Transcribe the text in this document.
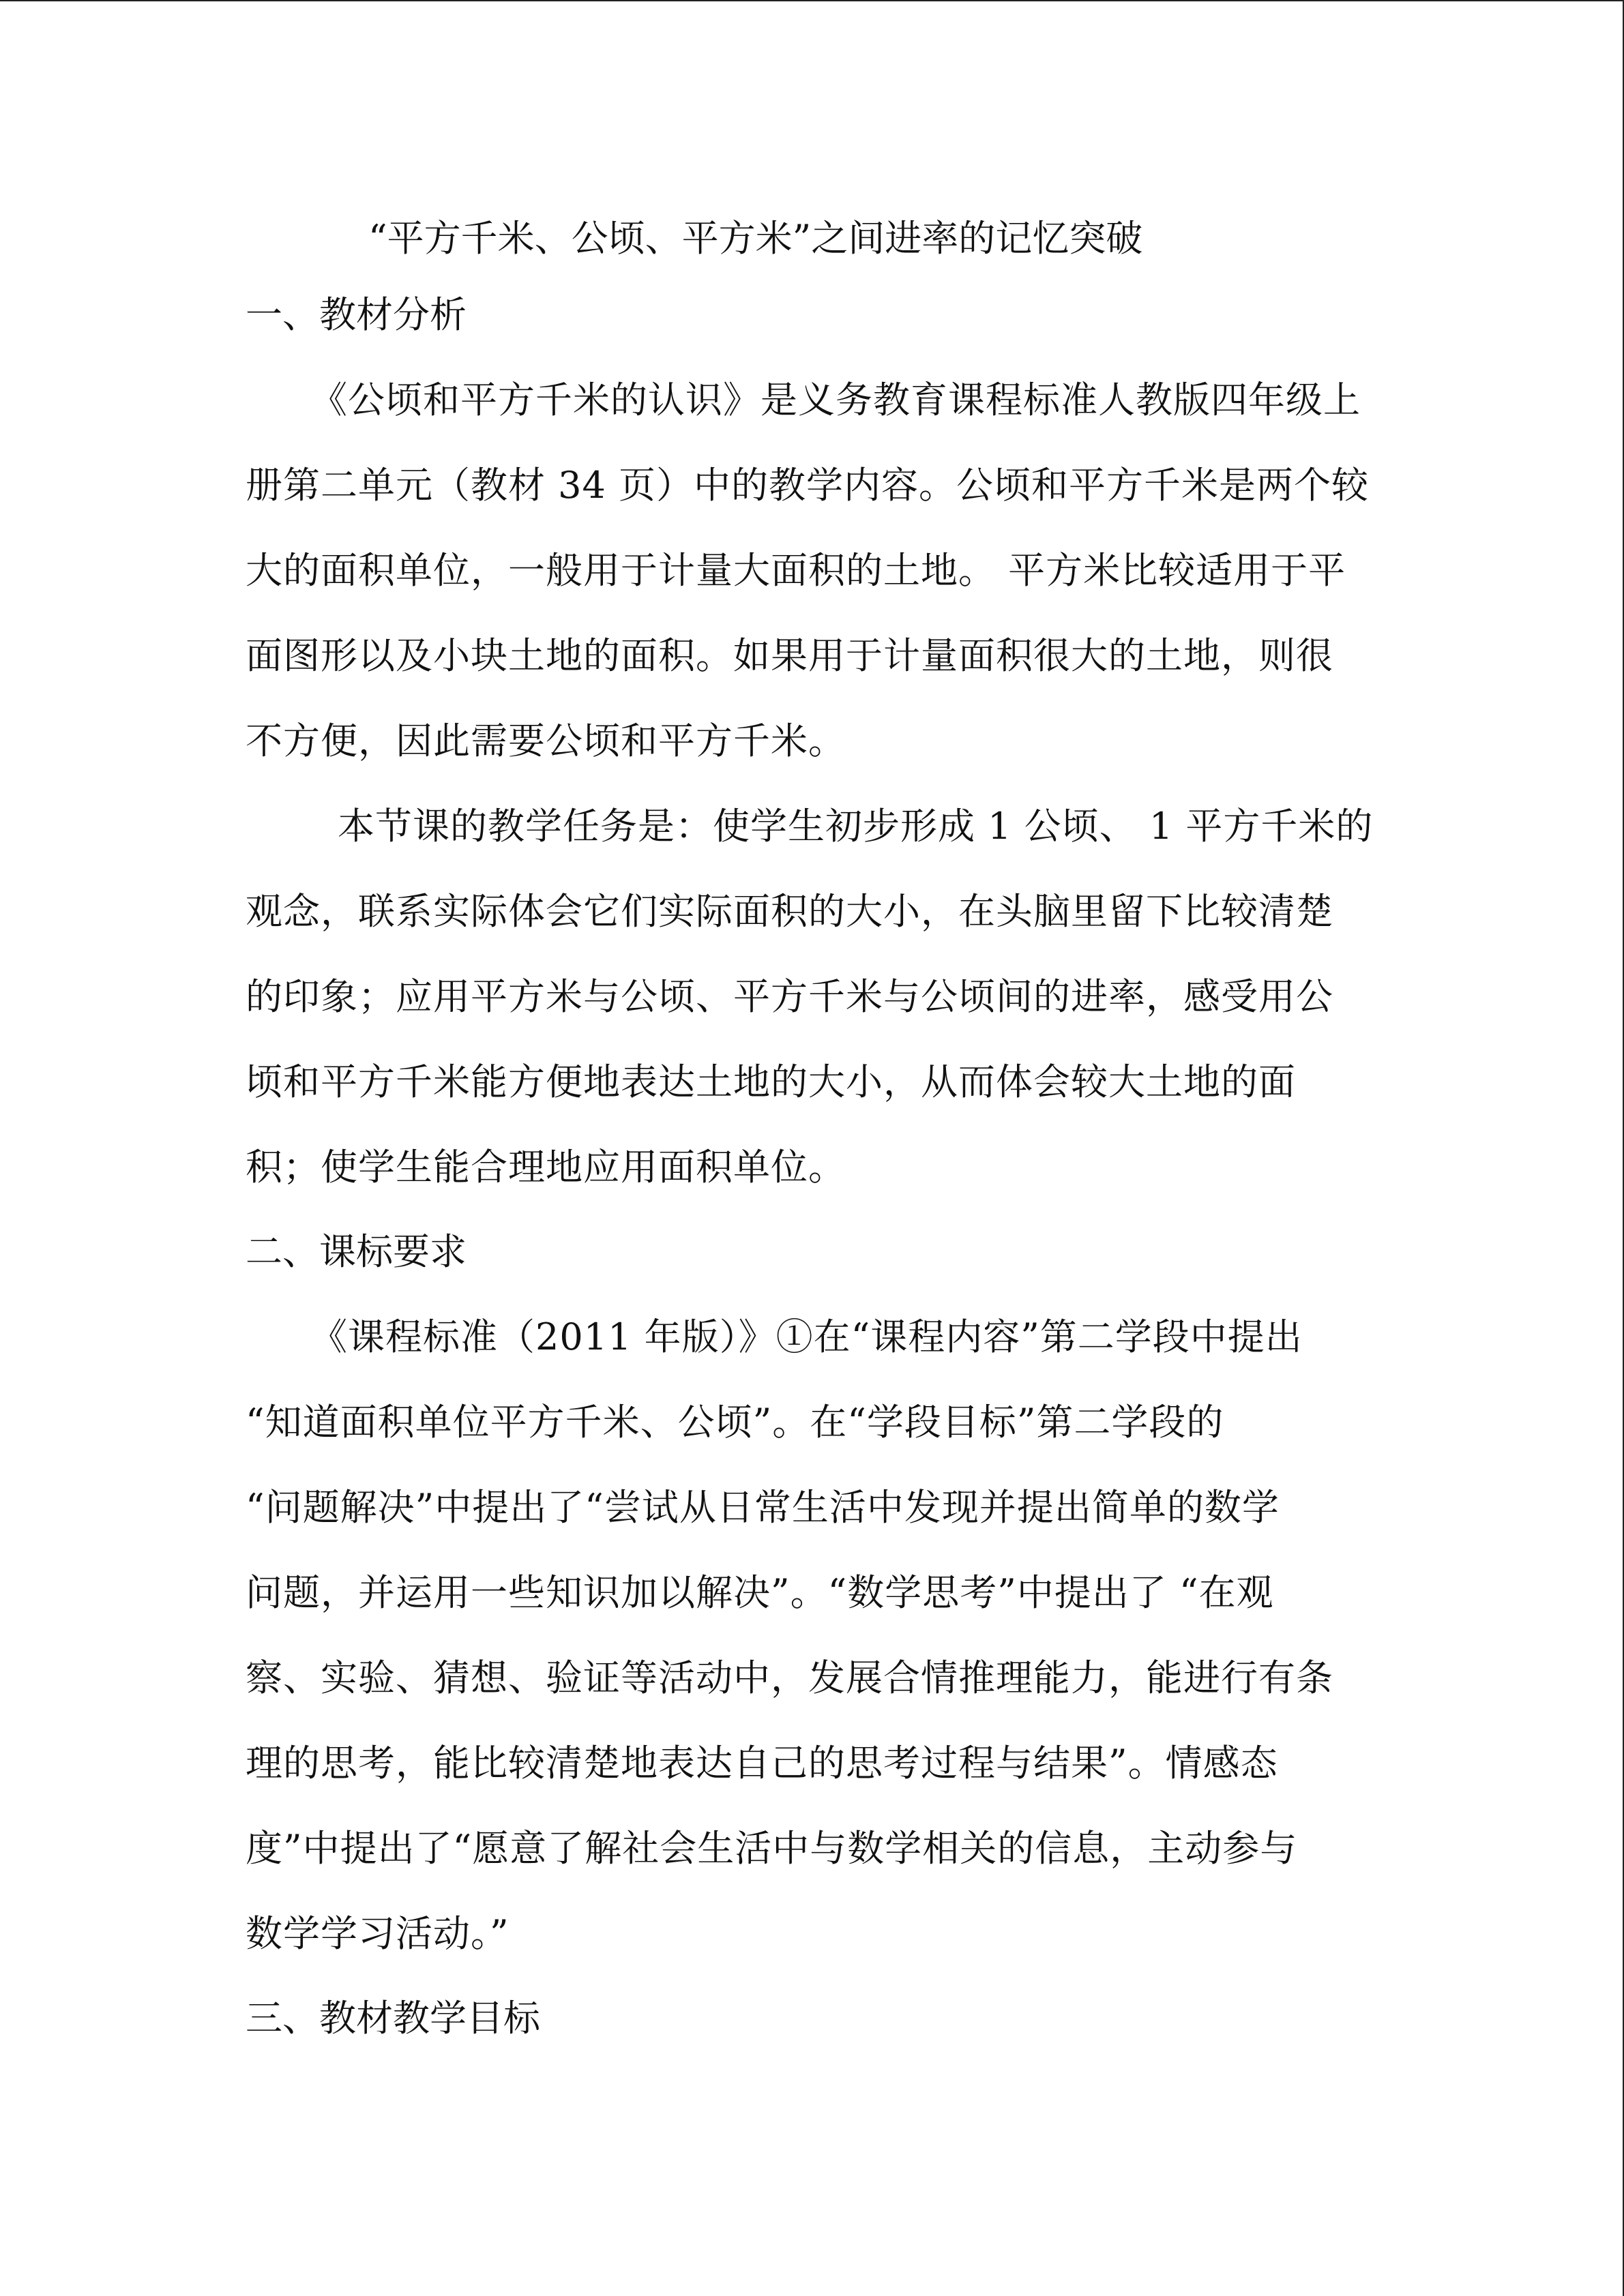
“平方千米、公顷、平方米”之间进率的记忆突破
一、教材分析

《公顷和平方千米的认识》是义务教育课程标准人教版四年级上
册第二单元（教材 34 页）中的教学内容。公顷和平方千米是两个较
大的面积单位，一般用于计量大面积的土地。 平方米比较适用于平
面图形以及小块土地的面积。如果用于计量面积很大的土地，则很
不方便，因此需要公顷和平方千米。

本节课的教学任务是：使学生初步形成 1 公顷、 1 平方千米的
观念，联系实际体会它们实际面积的大小，在头脑里留下比较清楚
的印象；应用平方米与公顷、平方千米与公顷间的进率，感受用公
顷和平方千米能方便地表达土地的大小，从而体会较大土地的面
积；使学生能合理地应用面积单位。

二、课标要求

《课程标准（2011 年版）》①在“课程内容”第二学段中提出
“知道面积单位平方千米、公顷”。在“学段目标”第二学段的
“问题解决”中提出了“尝试从日常生活中发现并提出简单的数学
问题，并运用一些知识加以解决”。“数学思考”中提出了 “在观
察、实验、猜想、验证等活动中，发展合情推理能力，能进行有条
理的思考，能比较清楚地表达自己的思考过程与结果”。情感态
度”中提出了“愿意了解社会生活中与数学相关的信息，主动参与
数学学习活动。”

三、教材教学目标
